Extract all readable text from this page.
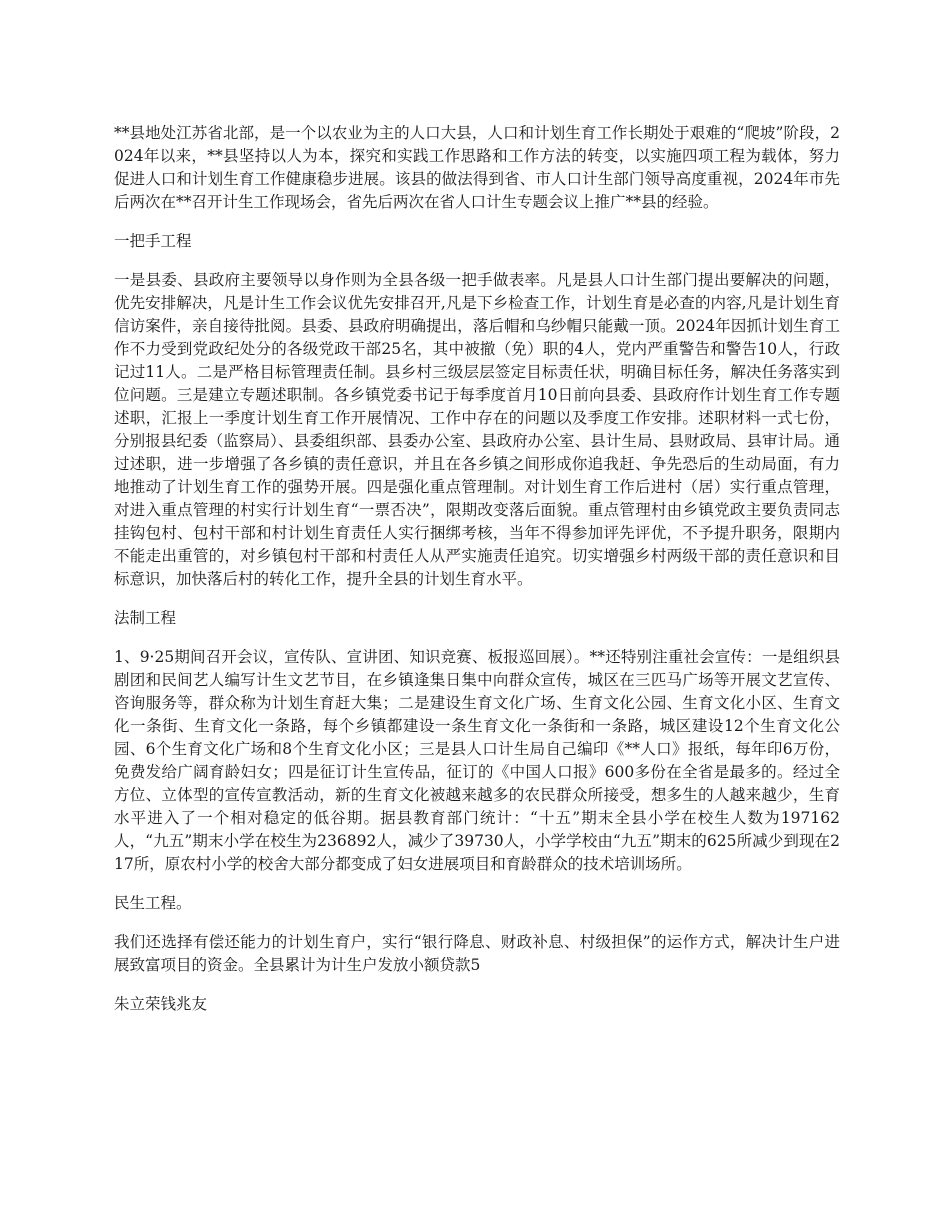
**县地处江苏省北部，是一个以农业为主的人口大县，人口和计划生育工作长期处于艰难的“爬坡”阶段，2024年以来，**县坚持以人为本，探究和实践工作思路和工作方法的转变，以实施四项工程为载体，努力促进人口和计划生育工作健康稳步进展。该县的做法得到省、市人口计生部门领导高度重视，2024年市先后两次在**召开计生工作现场会，省先后两次在省人口计生专题会议上推广**县的经验。

一把手工程

一是县委、县政府主要领导以身作则为全县各级一把手做表率。凡是县人口计生部门提出要解决的问题，优先安排解决，凡是计生工作会议优先安排召开,凡是下乡检查工作，计划生育是必查的内容,凡是计划生育信访案件，亲自接待批阅。县委、县政府明确提出，落后帽和乌纱帽只能戴一顶。2024年因抓计划生育工作不力受到党政纪处分的各级党政干部25名，其中被撤（免）职的4人，党内严重警告和警告10人，行政记过11人。二是严格目标管理责任制。县乡村三级层层签定目标责任状，明确目标任务，解决任务落实到位问题。三是建立专题述职制。各乡镇党委书记于每季度首月10日前向县委、县政府作计划生育工作专题述职，汇报上一季度计划生育工作开展情况、工作中存在的问题以及季度工作安排。述职材料一式七份，分别报县纪委（监察局）、县委组织部、县委办公室、县政府办公室、县计生局、县财政局、县审计局。通过述职，进一步增强了各乡镇的责任意识，并且在各乡镇之间形成你追我赶、争先恐后的生动局面，有力地推动了计划生育工作的强势开展。四是强化重点管理制。对计划生育工作后进村（居）实行重点管理，对进入重点管理的村实行计划生育“一票否决”，限期改变落后面貌。重点管理村由乡镇党政主要负责同志挂钩包村、包村干部和村计划生育责任人实行捆绑考核，当年不得参加评先评优，不予提升职务，限期内不能走出重管的，对乡镇包村干部和村责任人从严实施责任追究。切实增强乡村两级干部的责任意识和目标意识，加快落后村的转化工作，提升全县的计划生育水平。

法制工程

1、9·25期间召开会议，宣传队、宣讲团、知识竞赛、板报巡回展）。**还特别注重社会宣传：一是组织县剧团和民间艺人编写计生文艺节目，在乡镇逢集日集中向群众宣传，城区在三匹马广场等开展文艺宣传、咨询服务等，群众称为计划生育赶大集；二是建设生育文化广场、生育文化公园、生育文化小区、生育文化一条街、生育文化一条路，每个乡镇都建设一条生育文化一条街和一条路，城区建设12个生育文化公园、6个生育文化广场和8个生育文化小区；三是县人口计生局自己编印《**人口》报纸，每年印6万份，免费发给广阔育龄妇女；四是征订计生宣传品，征订的《中国人口报》600多份在全省是最多的。经过全方位、立体型的宣传宣教活动，新的生育文化被越来越多的农民群众所接受，想多生的人越来越少，生育水平进入了一个相对稳定的低谷期。据县教育部门统计：“十五”期末全县小学在校生人数为197162人，“九五”期末小学在校生为236892人，减少了39730人，小学学校由“九五”期末的625所减少到现在217所，原农村小学的校舍大部分都变成了妇女进展项目和育龄群众的技术培训场所。

民生工程。

我们还选择有偿还能力的计划生育户，实行“银行降息、财政补息、村级担保”的运作方式，解决计生户进展致富项目的资金。全县累计为计生户发放小额贷款5

朱立荣钱兆友
